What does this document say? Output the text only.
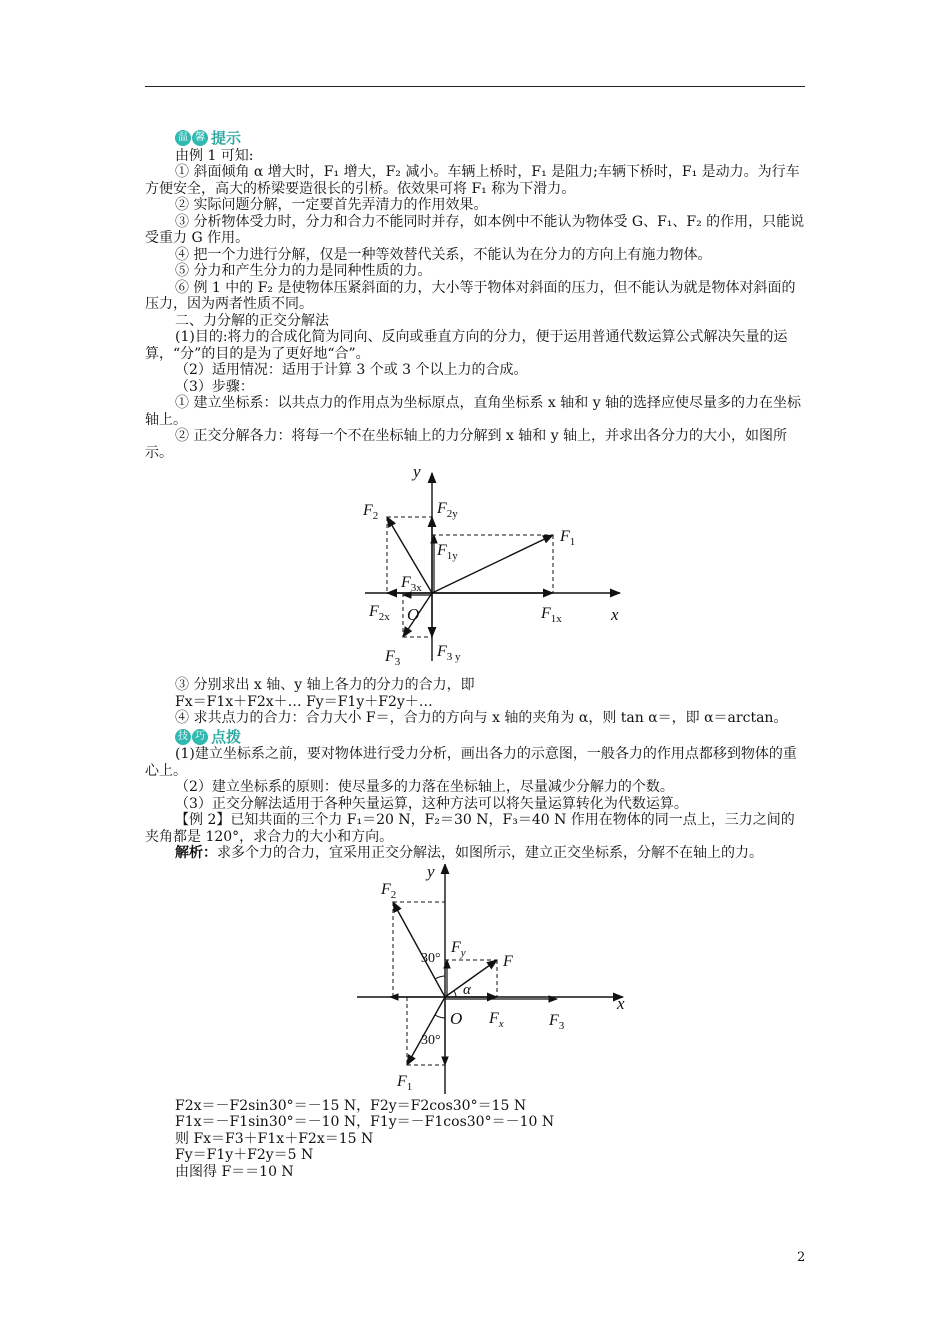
温 馨 提示

由例 1 可知:

① 斜面倾角 α 增大时，F₁ 增大，F₂ 减小。车辆上桥时，F₁ 是阻力;车辆下桥时，F₁ 是动力。为行车方便安全，高大的桥梁要造很长的引桥。依效果可将 F₁ 称为下滑力。

② 实际问题分解，一定要首先弄清力的作用效果。

③ 分析物体受力时，分力和合力不能同时并存，如本例中不能认为物体受 G、F₁、F₂ 的作用，只能说受重力 G 作用。

④ 把一个力进行分解，仅是一种等效替代关系，不能认为在分力的方向上有施力物体。

⑤ 分力和产生分力的力是同种性质的力。

⑥ 例 1 中的 F₂ 是使物体压紧斜面的力，大小等于物体对斜面的压力，但不能认为就是物体对斜面的压力，因为两者性质不同。

二、力分解的正交分解法

(1)目的:将力的合成化简为同向、反向或垂直方向的分力，便于运用普通代数运算公式解决矢量的运算，“分”的目的是为了更好地“合”。

（2）适用情况：适用于计算 3 个或 3 个以上力的合成。

（3）步骤：

① 建立坐标系：以共点力的作用点为坐标原点，直角坐标系 x 轴和 y 轴的选择应使尽量多的力在坐标轴上。

② 正交分解各力：将每一个不在坐标轴上的力分解到 x 轴和 y 轴上，并求出各分力的大小，如图所示。

y
x
O
$F_1$
$F_2$
$F_3$
$F_{2y}$
$F_{1y}$
$F_{3x}$
$F_{2x}$	$F_{1x}$
$F_{3 y}$

③ 分别求出 x 轴、y 轴上各力的分力的合力，即

Fx＝F1x＋F2x＋… Fy＝F1y＋F2y＋…

④ 求共点力的合力：合力大小 F＝，合力的方向与 x 轴的夹角为 α，则 tan α＝，即 α＝arctan。

技 巧 点拨

(1)建立坐标系之前，要对物体进行受力分析，画出各力的示意图，一般各力的作用点都移到物体的重心上。

（2）建立坐标系的原则：使尽量多的力落在坐标轴上，尽量减少分解力的个数。

（3）正交分解法适用于各种矢量运算，这种方法可以将矢量运算转化为代数运算。

【例 2】已知共面的三个力 F₁＝20 N，F₂＝30 N，F₃＝40 N 作用在物体的同一点上，三力之间的夹角都是 120°，求合力的大小和方向。

解析：求多个力的合力，宜采用正交分解法，如图所示，建立正交坐标系，分解不在轴上的力。

y
x
O
$F_2$
$F_1$
$F_3$
F
$F_y$
$F_x$
α
30°
30°

F2x＝－F2sin30°＝－15 N，F2y＝F2cos30°＝15 N

F1x＝－F1sin30°＝－10 N，F1y＝－F1cos30°＝－10 N

则 Fx＝F3＋F1x＋F2x＝15 N

Fy＝F1y＋F2y＝5 N

由图得 F＝＝10 N

2
